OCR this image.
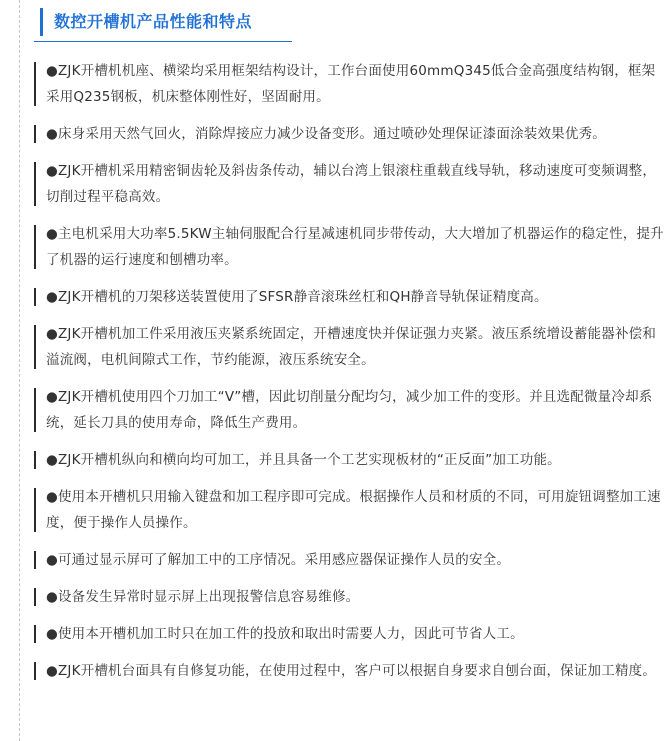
数控开槽机产品性能和特点
●ZJK开槽机机座、横梁均采用框架结构设计，工作台面使用60mmQ345低合金高强度结构钢，框架采用Q235钢板，机床整体刚性好，坚固耐用。
●床身采用天然气回火，消除焊接应力减少设备变形。通过喷砂处理保证漆面涂装效果优秀。
●ZJK开槽机采用精密铜齿轮及斜齿条传动，辅以台湾上银滚柱重载直线导轨，移动速度可变频调整，切削过程平稳高效。
●主电机采用大功率5.5KW主轴伺服配合行星减速机同步带传动，大大增加了机器运作的稳定性，提升了机器的运行速度和刨槽功率。
●ZJK开槽机的刀架移送装置使用了SFSR静音滚珠丝杠和QH静音导轨保证精度高。
●ZJK开槽机加工件采用液压夹紧系统固定，开槽速度快并保证强力夹紧。液压系统增设蓄能器补偿和溢流阀，电机间隙式工作，节约能源，液压系统安全。
●ZJK开槽机使用四个刀加工“V”槽，因此切削量分配均匀，减少加工件的变形。并且选配微量冷却系统，延长刀具的使用寿命，降低生产费用。
●ZJK开槽机纵向和横向均可加工，并且具备一个工艺实现板材的“正反面”加工功能。
●使用本开槽机只用输入键盘和加工程序即可完成。根据操作人员和材质的不同，可用旋钮调整加工速度，便于操作人员操作。
●可通过显示屏可了解加工中的工序情况。采用感应器保证操作人员的安全。
●设备发生异常时显示屏上出现报警信息容易维修。
●使用本开槽机加工时只在加工件的投放和取出时需要人力，因此可节省人工。
●ZJK开槽机台面具有自修复功能，在使用过程中，客户可以根据自身要求自刨台面，保证加工精度。
